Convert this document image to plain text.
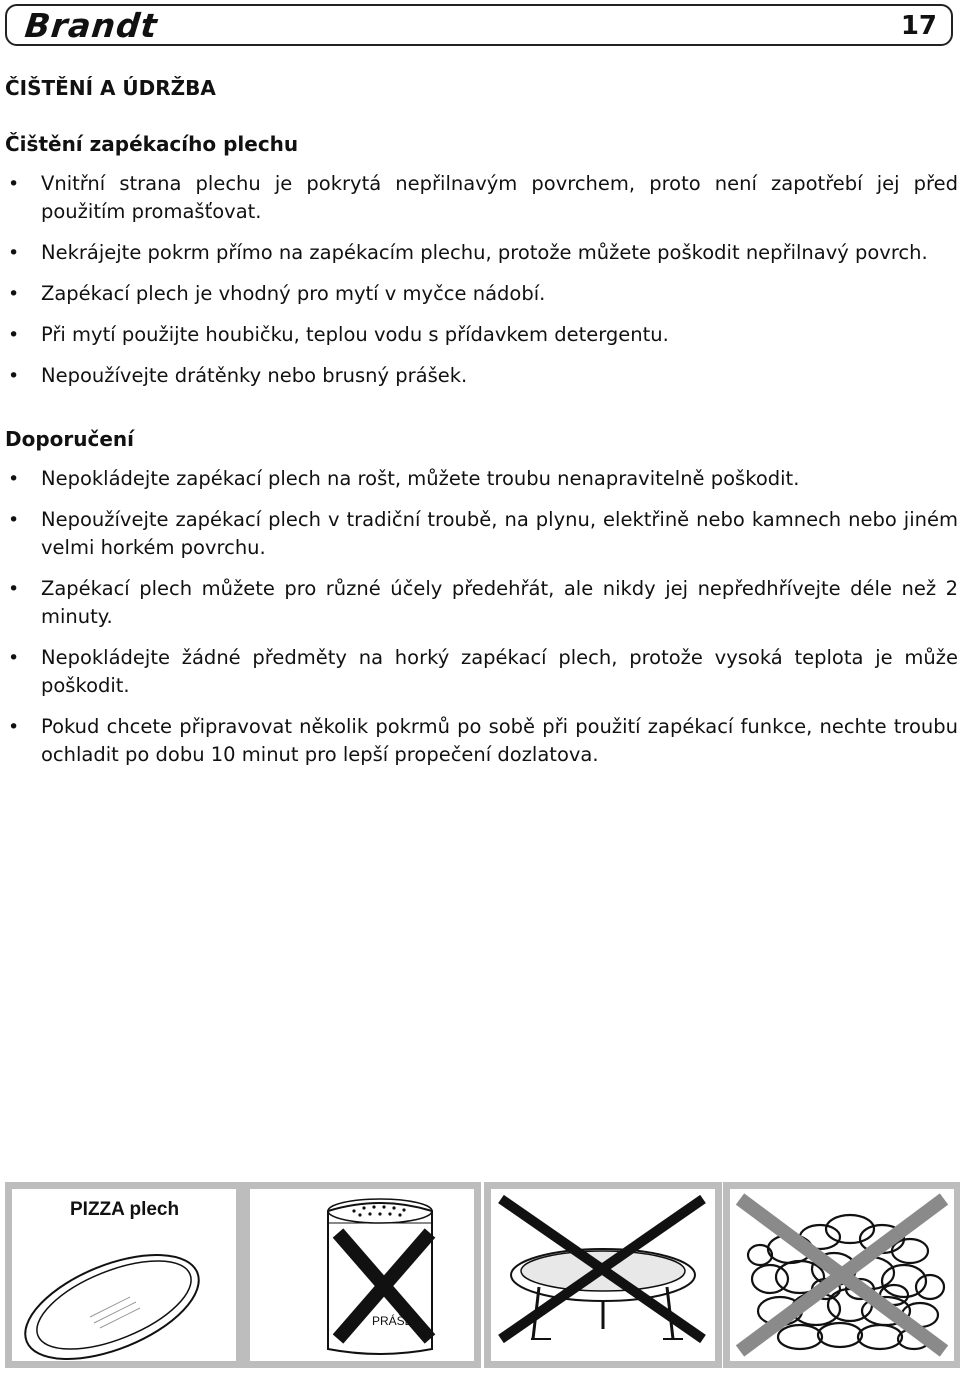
Brandt	17
ČIŠTĚNÍ A ÚDRŽBA
Čištění zapékacího plechu
• Vnitřní strana plechu je pokrytá nepřilnavým povrchem, proto není zapotřebí jej před použitím promašťovat.
• Nekrájejte pokrm přímo na zapékacím plechu, protože můžete poškodit nepřilnavý povrch.
• Zapékací plech je vhodný pro mytí v myčce nádobí.
• Při mytí použijte houbičku, teplou vodu s přídavkem detergentu.
• Nepoužívejte drátěnky nebo brusný prášek.
Doporučení
• Nepokládejte zapékací plech na rošt, můžete troubu nenapravitelně poškodit.
• Nepoužívejte zapékací plech v tradiční troubě, na plynu, elektřině nebo kamnech nebo jiném velmi horkém povrchu.
• Zapékací plech můžete pro různé účely předehřát, ale nikdy jej nepředhřívejte déle než 2 minuty.
• Nepokládejte žádné předměty na horký zapékací plech, protože vysoká teplota je může poškodit.
• Pokud chcete připravovat několik pokrmů po sobě při použití zapékací funkce, nechte troubu ochladit po dobu 10 minut pro lepší propečení dozlatova.
PIZZA plech
PRÁŠEK
